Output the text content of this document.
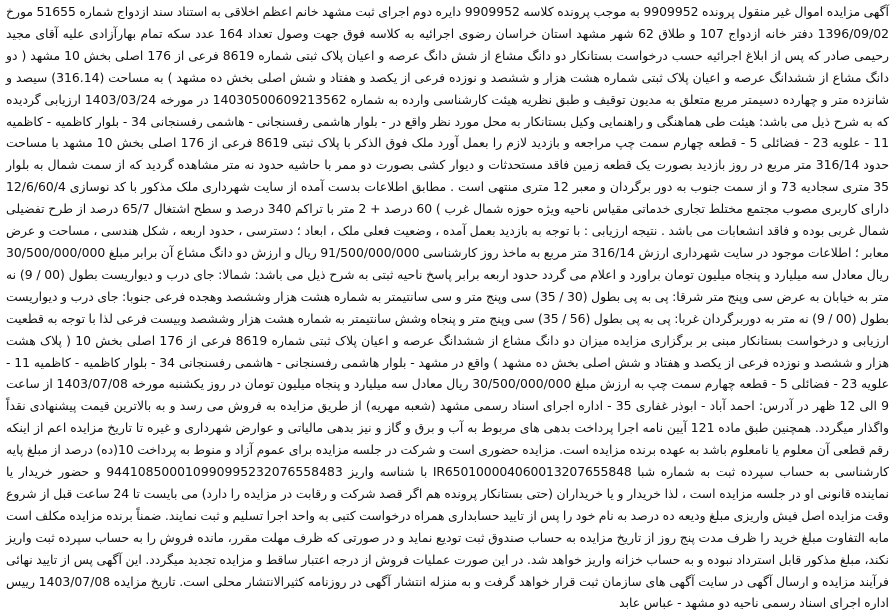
آگهی مزایده اموال غیر منقول پرونده 9909952 به موجب پرونده کلاسه 9909952 دایره دوم اجرای ثبت مشهد خانم اعظم اخلاقی به استناد سند ازدواج شماره 51655 مورخ 1396/09/02 دفتر خانه ازدواج 107 و طلاق 62 شهر مشهد استان خراسان رضوی اجرائیه به کلاسه فوق جهت وصول تعداد 164 عدد سکه تمام بهارآزادی علیه آقای مجید رحیمی صادر که پس از ابلاغ اجرائیه حسب درخواست بستانکار دو دانگ مشاع از شش دانگ عرصه و اعیان پلاک ثبتی شماره 8619 فرعی از 176 اصلی بخش 10 مشهد ( دو دانگ مشاع از ششدانگ عرصه و اعیان پلاک ثبتی شماره هشت هزار و ششصد و نوزده فرعی از یکصد و هفتاد و شش اصلی بخش ده مشهد ) به مساحت (316.14) سیصد و شانزده متر و چهارده دسیمتر مربع متعلق به مدیون توقیف و طبق نظریه هیئت کارشناسی وارده به شماره 14030500609213562 در مورخه 1403/03/24 ارزیابی گردیده که به شرح ذیل می باشد: هیئت طی هماهنگی و راهنمایی وکیل بستانکار به محل مورد نظر واقع در - بلوار هاشمی رفسنجانی - هاشمی رفسنجانی 34 - بلوار کاظمیه - کاظمیه 11 - علویه 23 - فضائلی 5 - قطعه چهارم سمت چپ مراجعه و بازدید لازم را بعمل آورد ملک فوق الذکر با پلاک ثبتی 8619 فرعی از 176 اصلی بخش 10 مشهد با مساحت حدود 316/14 متر مربع در روز بازدید بصورت یک قطعه زمین فاقد مستحدثات و دیوار کشی بصورت دو ممر با حاشیه حدود نه متر مشاهده گردید که از سمت شمال به بلوار 35 متری سجادیه 73 و از سمت جنوب به دور برگردان و معبر 12 متری منتهی است . مطابق اطلاعات بدست آمده از سایت شهرداری ملک مذکور با کد نوسازی 12/6/60/4 دارای کاربری مصوب مجتمع مختلط تجاری خدماتی مقیاس ناحیه ویژه حوزه شمال غرب ) 60 درصد + 2 متر با تراکم 340 درصد و سطح اشتغال 65/7 درصد از طرح تفضیلی شمال غربی بوده و فاقد انشعابات می باشد . نتیجه ارزیابی : با توجه به بازدید بعمل آمده ، وضعیت فعلی ملک ، ابعاد ؛ دسترسی ، حدود اربعه ، شکل هندسی ، مساحت و عرض معابر ؛ اطلاعات موجود در سایت شهرداری ارزش 316/14 متر مربع به ماخذ روز کارشناسی 91/500/000/000 ریال و ارزش دو دانگ مشاع آن برابر مبلغ 30/500/000/000 ریال معادل سه میلیارد و پنجاه میلیون تومان براورد و اعلام می گردد حدود اربعه برابر پاسخ ناحیه ثبتی به شرح ذیل می باشد: شمالا: جای درب و دیواریست بطول (00 / 9) نه متر به خیابان به عرض سی وپنج متر شرقا: پی به پی بطول (30 / 35) سی وپنج متر و سی سانتیمتر به شماره هشت هزار وششصد وهجده فرعی جنوبا: جای درب و دیواریست بطول (00 / 9) نه متر به دوربرگردان غربا: پی به پی بطول (56 / 35) سی وپنج متر و پنجاه وشش سانتیمتر به شماره هشت هزار وششصد وبیست فرعی لذا با توجه به قطعیت ارزیابی و درخواست بستانکار مبنی بر برگزاری مزایده میزان دو دانگ مشاع از ششدانگ عرصه و اعیان پلاک ثبتی شماره 8619 فرعی از 176 اصلی بخش 10 ( پلاک هشت هزار و ششصد و نوزده فرعی از یکصد و هفتاد و شش اصلی بخش ده مشهد ) واقع در مشهد - بلوار هاشمی رفسنجانی - هاشمی رفسنجانی 34 - بلوار کاظمیه - کاظمیه 11 - علویه 23 - فضائلی 5 - قطعه چهارم سمت چپ به ارزش مبلغ 30/500/000/000 ریال معادل سه میلیارد و پنجاه میلیون تومان در روز یکشنبه مورخه 1403/07/08 از ساعت 9 الی 12 ظهر در آدرس: احمد آباد - ابوذر غفاری 35 - اداره اجرای اسناد رسمی مشهد (شعبه مهریه) از طریق مزایده به فروش می رسد و به بالاترین قیمت پیشنهادی نقداً واگذار میگردد. همچنین طبق ماده 121 آیین نامه اجرا پرداخت بدهی های مربوط به آب و برق و گاز و نیز بدهی مالیاتی و عوارض شهرداری و غیره تا تاریخ مزایده اعم از اینکه رقم قطعی آن معلوم یا نامعلوم باشد به عهده برنده مزایده است. مزایده حضوری است و شرکت در جلسه مزایده برای عموم آزاد و منوط به پرداخت 10(ده) درصد از مبلغ پایه کارشناسی به حساب سپرده ثبت به شماره شبا IR650100004060013207655848 با شناسه واریز 944108500010990995232076558483 و حضور خریدار یا نماینده قانونی او در جلسه مزایده است ، لذا خریدار و یا خریداران (حتی بستانکار پرونده هم اگر قصد شرکت و رقابت در مزایده را دارد) می بایست تا 24 ساعت قبل از شروع وقت مزایده اصل فیش واریزی مبلغ ودیعه ده درصد به نام خود را پس از تایید حسابداری همراه درخواست کتبی به واحد اجرا تسلیم و ثبت نمایند. ضمناً برنده مزایده مکلف است مابه التفاوت مبلغ خرید را ظرف مدت پنج روز از تاریخ مزایده به حساب صندوق ثبت تودیع نماید و در صورتی که ظرف مهلت مقرر، مانده فروش را به حساب سپرده ثبت واریز نکند، مبلغ مذکور قابل استرداد نبوده و به حساب خزانه واریز خواهد شد. در این صورت عملیات فروش از درجه اعتبار ساقط و مزایده تجدید میگردد. این آگهی پس از تایید نهائی فرآیند مزایده و ارسال آگهی در سایت آگهی های سازمان ثبت قرار خواهد گرفت و به منزله انتشار آگهی در روزنامه کثیرالانتشار محلی است. تاریخ مزایده 1403/07/08 رییس اداره اجرای اسناد رسمی ناحیه دو مشهد - عباس عابد
